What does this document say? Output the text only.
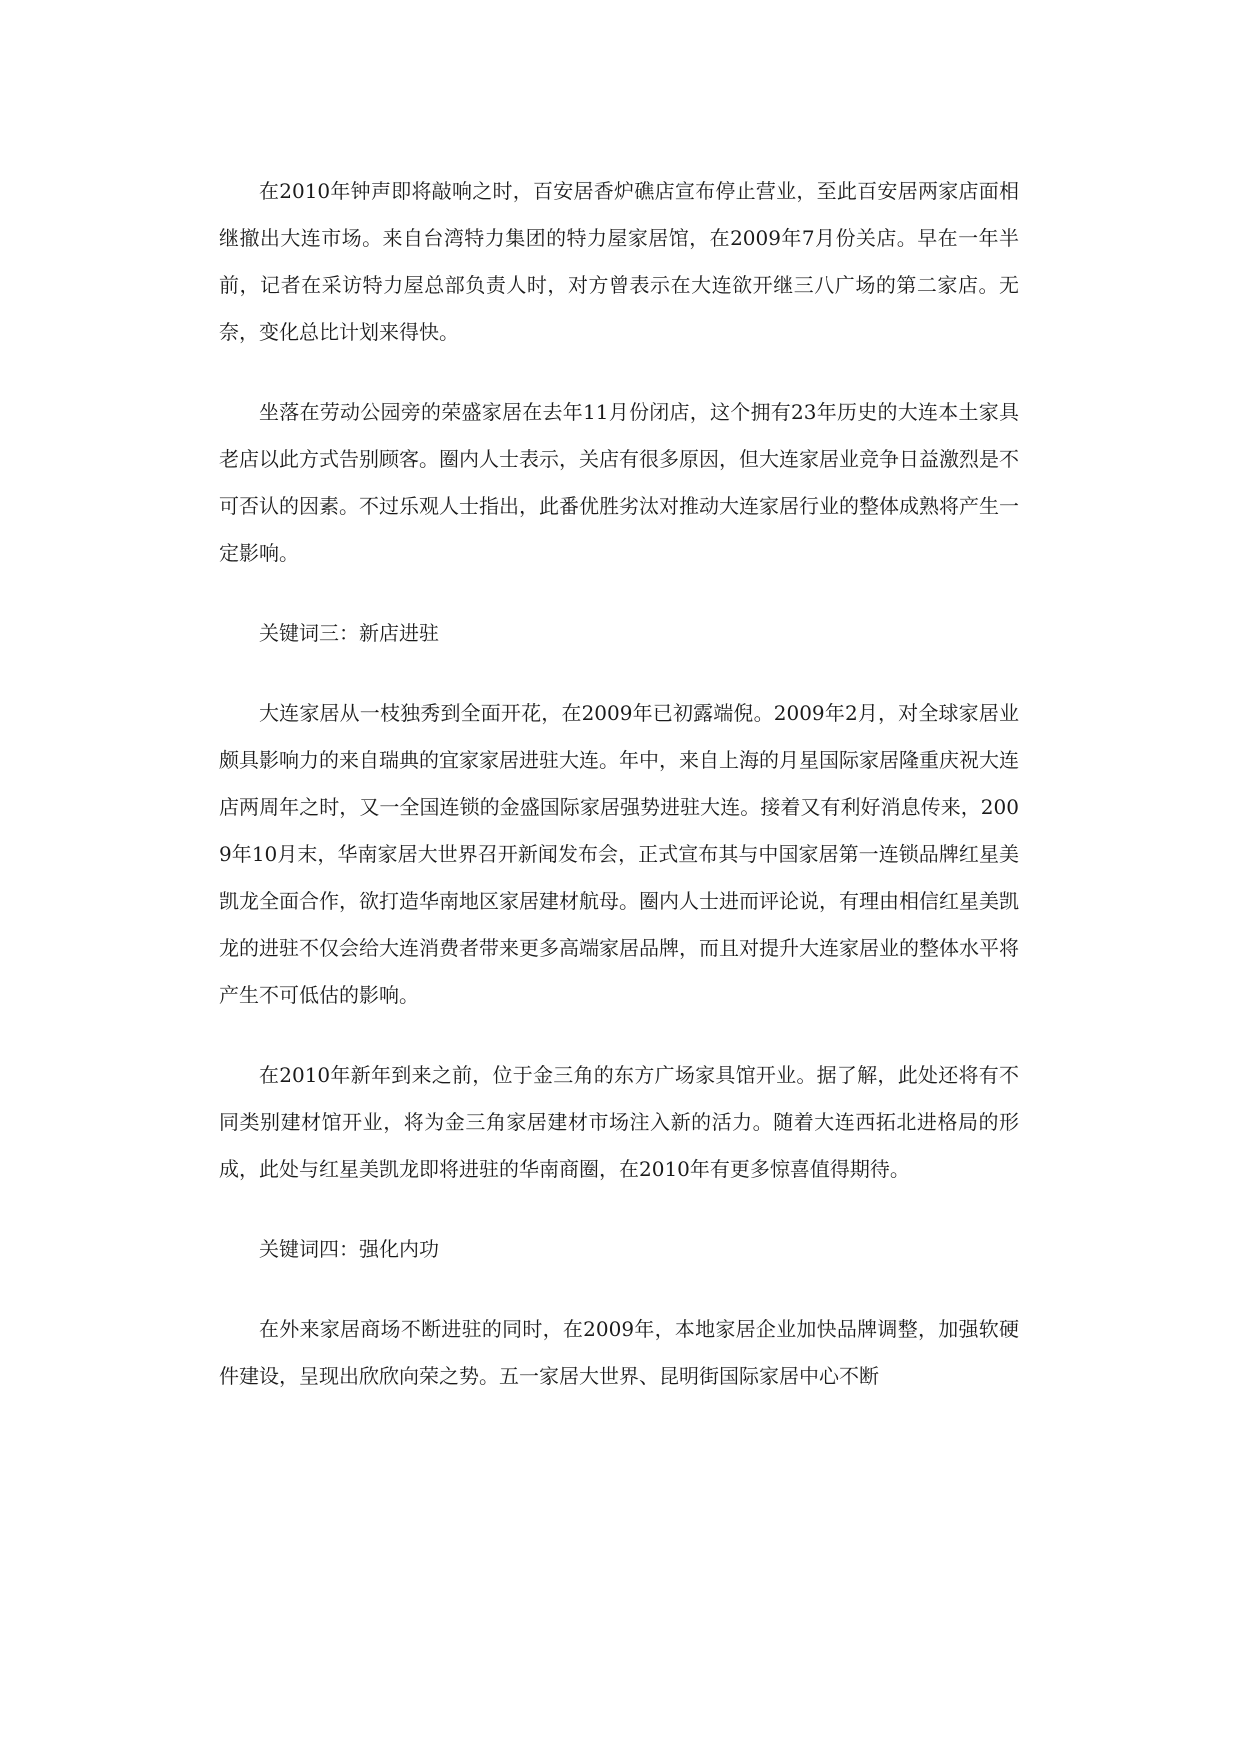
在2010年钟声即将敲响之时，百安居香炉礁店宣布停止营业，至此百安居两家店面相继撤出大连市场。来自台湾特力集团的特力屋家居馆，在2009年7月份关店。早在一年半前，记者在采访特力屋总部负责人时，对方曾表示在大连欲开继三八广场的第二家店。无奈，变化总比计划来得快。

坐落在劳动公园旁的荣盛家居在去年11月份闭店，这个拥有23年历史的大连本土家具老店以此方式告别顾客。圈内人士表示，关店有很多原因，但大连家居业竞争日益激烈是不可否认的因素。不过乐观人士指出，此番优胜劣汰对推动大连家居行业的整体成熟将产生一定影响。

关键词三：新店进驻

大连家居从一枝独秀到全面开花，在2009年已初露端倪。2009年2月，对全球家居业颇具影响力的来自瑞典的宜家家居进驻大连。年中，来自上海的月星国际家居隆重庆祝大连店两周年之时，又一全国连锁的金盛国际家居强势进驻大连。接着又有利好消息传来，2009年10月末，华南家居大世界召开新闻发布会，正式宣布其与中国家居第一连锁品牌红星美凯龙全面合作，欲打造华南地区家居建材航母。圈内人士进而评论说，有理由相信红星美凯龙的进驻不仅会给大连消费者带来更多高端家居品牌，而且对提升大连家居业的整体水平将产生不可低估的影响。

在2010年新年到来之前，位于金三角的东方广场家具馆开业。据了解，此处还将有不同类别建材馆开业，将为金三角家居建材市场注入新的活力。随着大连西拓北进格局的形成，此处与红星美凯龙即将进驻的华南商圈，在2010年有更多惊喜值得期待。

关键词四：强化内功

在外来家居商场不断进驻的同时，在2009年，本地家居企业加快品牌调整，加强软硬件建设，呈现出欣欣向荣之势。五一家居大世界、昆明街国际家居中心不断
